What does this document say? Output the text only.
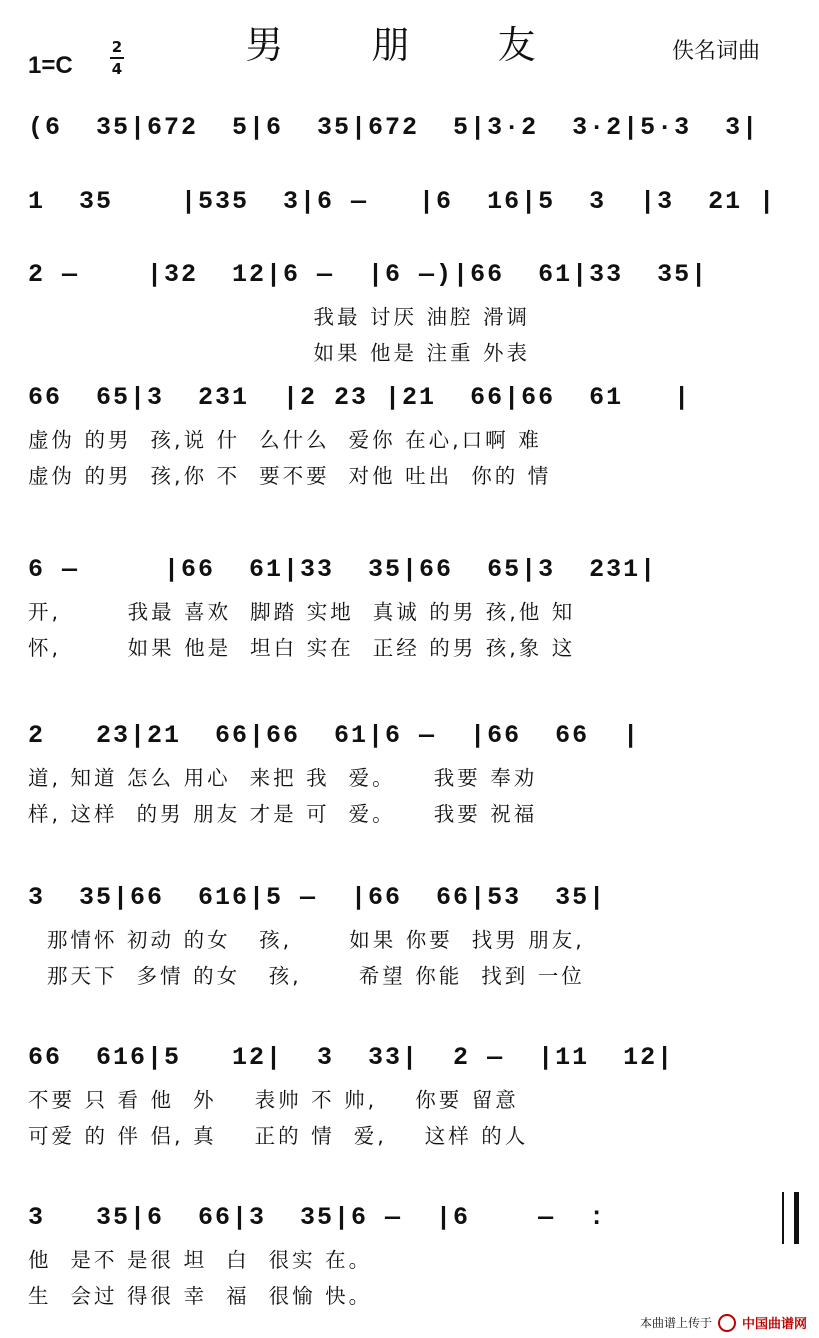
男 朋 友
1=C
2
4
佚名词曲
(6  35|672  5|6  35|672  5|3·2  3·2|5·3  3|
1  35    |535  3|6 —   |6  16|5  3  |3  21 |
2 —    |32  12|6 —  |6 —)|66  61|33  35|
我最 讨厌 油腔 滑调
如果 他是 注重 外表
66  65|3  231  |2 23 |21  66|66  61   |
虚伪 的男  孩,说 什  么什么  爱你 在心,口啊 难
虚伪 的男  孩,你 不  要不要  对他 吐出  你的 情
6 —     |66  61|33  35|66  65|3  231|
开,       我最 喜欢  脚踏 实地  真诚 的男 孩,他 知
怀,       如果 他是  坦白 实在  正经 的男 孩,象 这
2   23|21  66|66  61|6 —  |66  66  |
道, 知道 怎么 用心  来把 我  爱。    我要 奉劝
样, 这样  的男 朋友 才是 可  爱。    我要 祝福
3  35|66  616|5 —  |66  66|53  35|
那情怀 初动 的女   孩,      如果 你要  找男 朋友,
那天下  多情 的女   孩,      希望 你能  找到 一位
66  616|5   12|  3  33|  2 —  |11  12|
不要 只 看 他  外    表帅 不 帅,    你要 留意
可爱 的 伴 侣, 真    正的 情  爱,    这样 的人
3   35|6  66|3  35|6 —  |6    —  :
他  是不 是很 坦  白  很实 在。
生  会过 得很 幸  福  很愉 快。
本曲谱上传于 中国曲谱网
